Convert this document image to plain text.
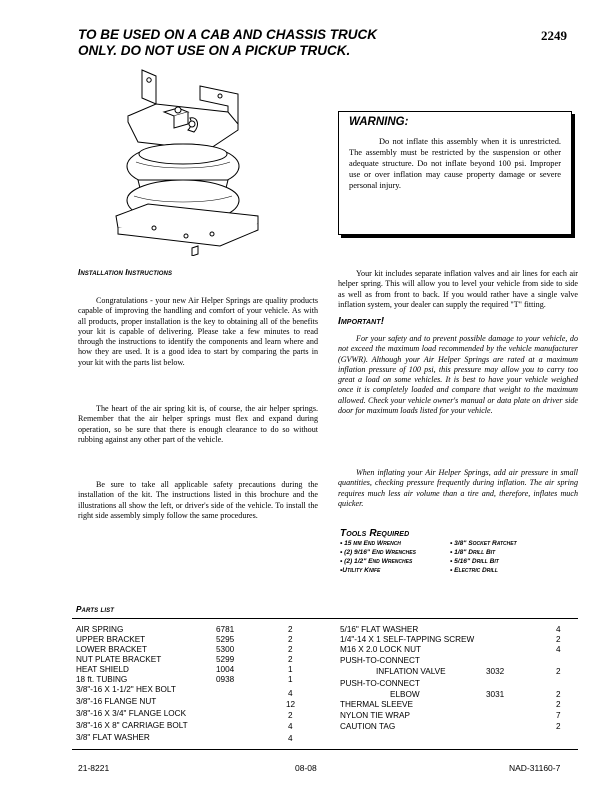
TO BE USED ON A CAB AND CHASSIS TRUCK
ONLY. DO NOT USE ON A PICKUP TRUCK.
2249
WARNING:
Do not inflate this assembly when it is unrestricted. The assembly must be restricted by the suspension or other adequate structure. Do not inflate beyond 100 psi. Improper use or over inflation may cause property damage or severe personal injury.
Installation Instructions
Congratulations - your new Air Helper Springs are quality products capable of improving the handling and comfort of your vehicle. As with all products, proper installation is the key to obtaining all of the benefits your kit is capable of delivering. Please take a few minutes to read through the instructions to identify the components and learn where and how they are used. It is a good idea to start by comparing the parts in your kit with the parts list below.
The heart of the air spring kit is, of course, the air helper springs. Remember that the air helper springs must flex and expand during operation, so be sure that there is enough clearance to do so without rubbing against any other part of the vehicle.
Be sure to take all applicable safety precautions during the installation of the kit. The instructions listed in this brochure and the illustrations all show the left, or driver's side of the vehicle. To install the right side assembly simply follow the same procedures.
Your kit includes separate inflation valves and air lines for each air helper spring. This will allow you to level your vehicle from side to side as well as from front to back. If you would rather have a single valve inflation system, your dealer can supply the required "T" fitting.
Important!
For your safety and to prevent possible damage to your vehicle, do not exceed the maximum load recommended by the vehicle manufacturer (GVWR). Although your Air Helper Springs are rated at a maximum inflation pressure of 100 psi, this pressure may allow you to carry too great a load on some vehicles. It is best to have your vehicle weighed once it is completely loaded and compare that weight to the maximum allowed. Check your vehicle owner's manual or data plate on driver side door for maximum loads listed for your vehicle.
When inflating your Air Helper Springs, add air pressure in small quantities, checking pressure frequently during inflation. The air spring requires much less air volume than a tire and, therefore, inflates much quicker.
Tools Required
• 15 mm End Wrench
• (2) 9/16" End Wrenches
• (2) 1/2" End Wrenches
•Utility Knife
• 3/8" Socket Ratchet
• 1/8" Drill Bit
• 5/16" Drill Bit
• Electric Drill
Parts list
AIR SPRING	6781	2
UPPER BRACKET	5295	2
LOWER BRACKET	5300	2
NUT PLATE BRACKET	5299	2
HEAT SHIELD	1004	1
18 ft. TUBING	0938	1
3/8"-16 X 1-1/2" HEX BOLT	4
3/8"-16 FLANGE NUT	12
3/8"-16 X 3/4" FLANGE LOCK	2
3/8"-16 X 8" CARRIAGE BOLT	4
3/8" FLAT WASHER	4
5/16" FLAT WASHER	4
1/4"-14 X 1 SELF-TAPPING SCREW	2
M16 X 2.0 LOCK NUT	4
PUSH-TO-CONNECT
INFLATION VALVE	3032	2
PUSH-TO-CONNECT
ELBOW	3031	2
THERMAL SLEEVE	2
NYLON TIE WRAP	7
CAUTION TAG	2
21-8221	08-08	NAD-31160-7
